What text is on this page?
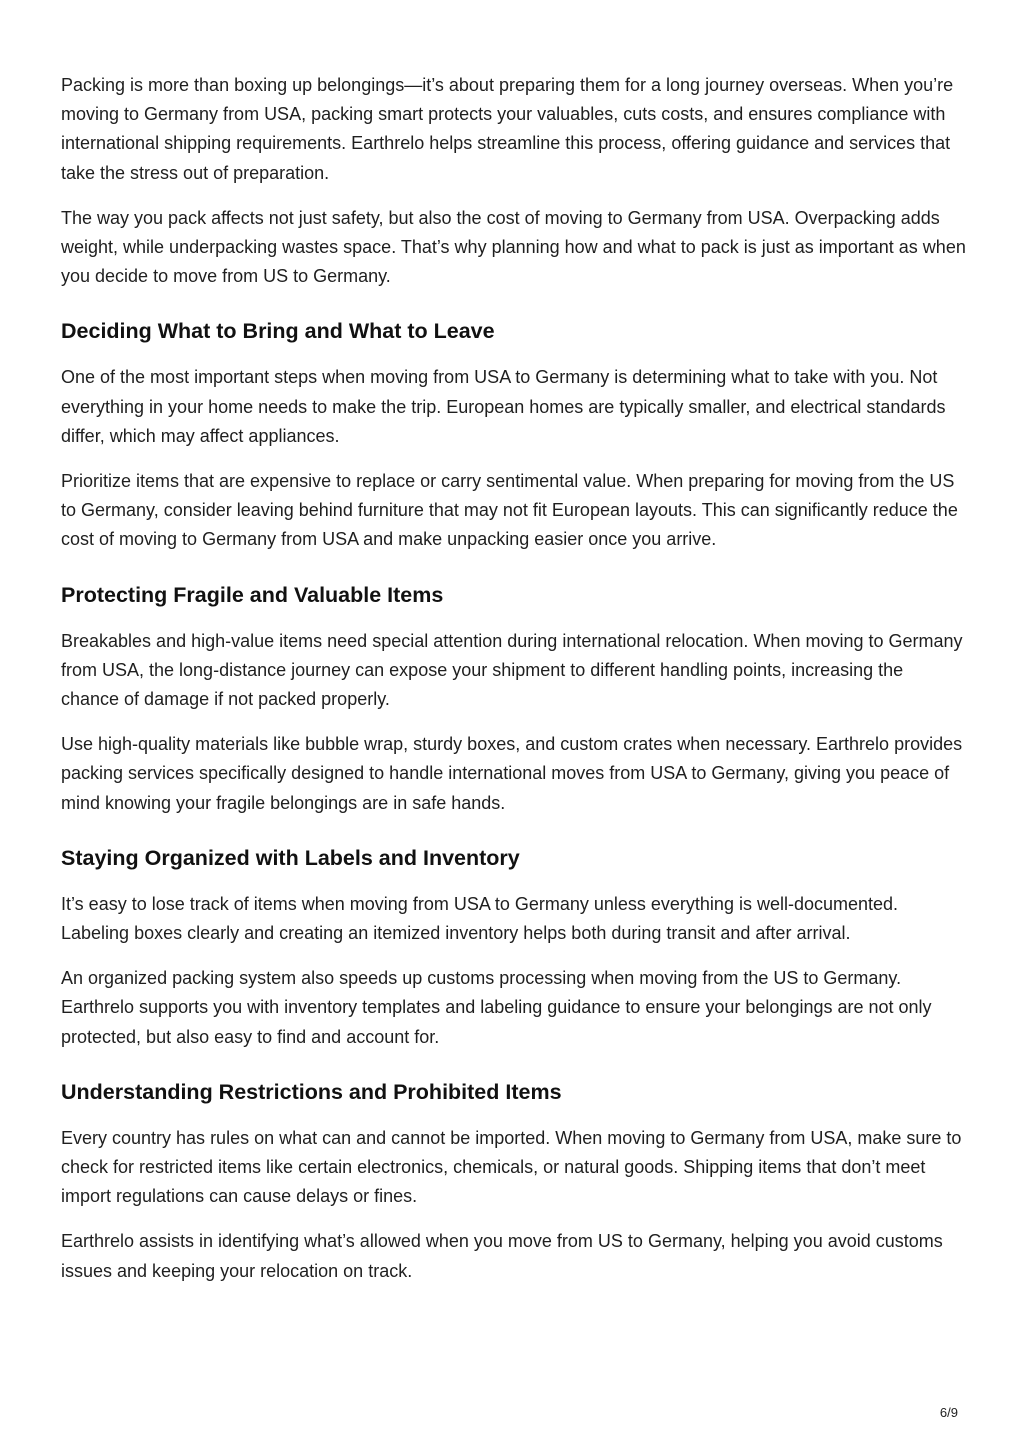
Packing is more than boxing up belongings—it’s about preparing them for a long journey overseas. When you’re moving to Germany from USA, packing smart protects your valuables, cuts costs, and ensures compliance with international shipping requirements. Earthrelo helps streamline this process, offering guidance and services that take the stress out of preparation.

The way you pack affects not just safety, but also the cost of moving to Germany from USA. Overpacking adds weight, while underpacking wastes space. That’s why planning how and what to pack is just as important as when you decide to move from US to Germany.

Deciding What to Bring and What to Leave

One of the most important steps when moving from USA to Germany is determining what to take with you. Not everything in your home needs to make the trip. European homes are typically smaller, and electrical standards differ, which may affect appliances.

Prioritize items that are expensive to replace or carry sentimental value. When preparing for moving from the US to Germany, consider leaving behind furniture that may not fit European layouts. This can significantly reduce the cost of moving to Germany from USA and make unpacking easier once you arrive.

Protecting Fragile and Valuable Items

Breakables and high-value items need special attention during international relocation. When moving to Germany from USA, the long-distance journey can expose your shipment to different handling points, increasing the chance of damage if not packed properly.

Use high-quality materials like bubble wrap, sturdy boxes, and custom crates when necessary. Earthrelo provides packing services specifically designed to handle international moves from USA to Germany, giving you peace of mind knowing your fragile belongings are in safe hands.

Staying Organized with Labels and Inventory

It’s easy to lose track of items when moving from USA to Germany unless everything is well-documented. Labeling boxes clearly and creating an itemized inventory helps both during transit and after arrival.

An organized packing system also speeds up customs processing when moving from the US to Germany. Earthrelo supports you with inventory templates and labeling guidance to ensure your belongings are not only protected, but also easy to find and account for.

Understanding Restrictions and Prohibited Items

Every country has rules on what can and cannot be imported. When moving to Germany from USA, make sure to check for restricted items like certain electronics, chemicals, or natural goods. Shipping items that don’t meet import regulations can cause delays or fines.

Earthrelo assists in identifying what’s allowed when you move from US to Germany, helping you avoid customs issues and keeping your relocation on track.

6/9
